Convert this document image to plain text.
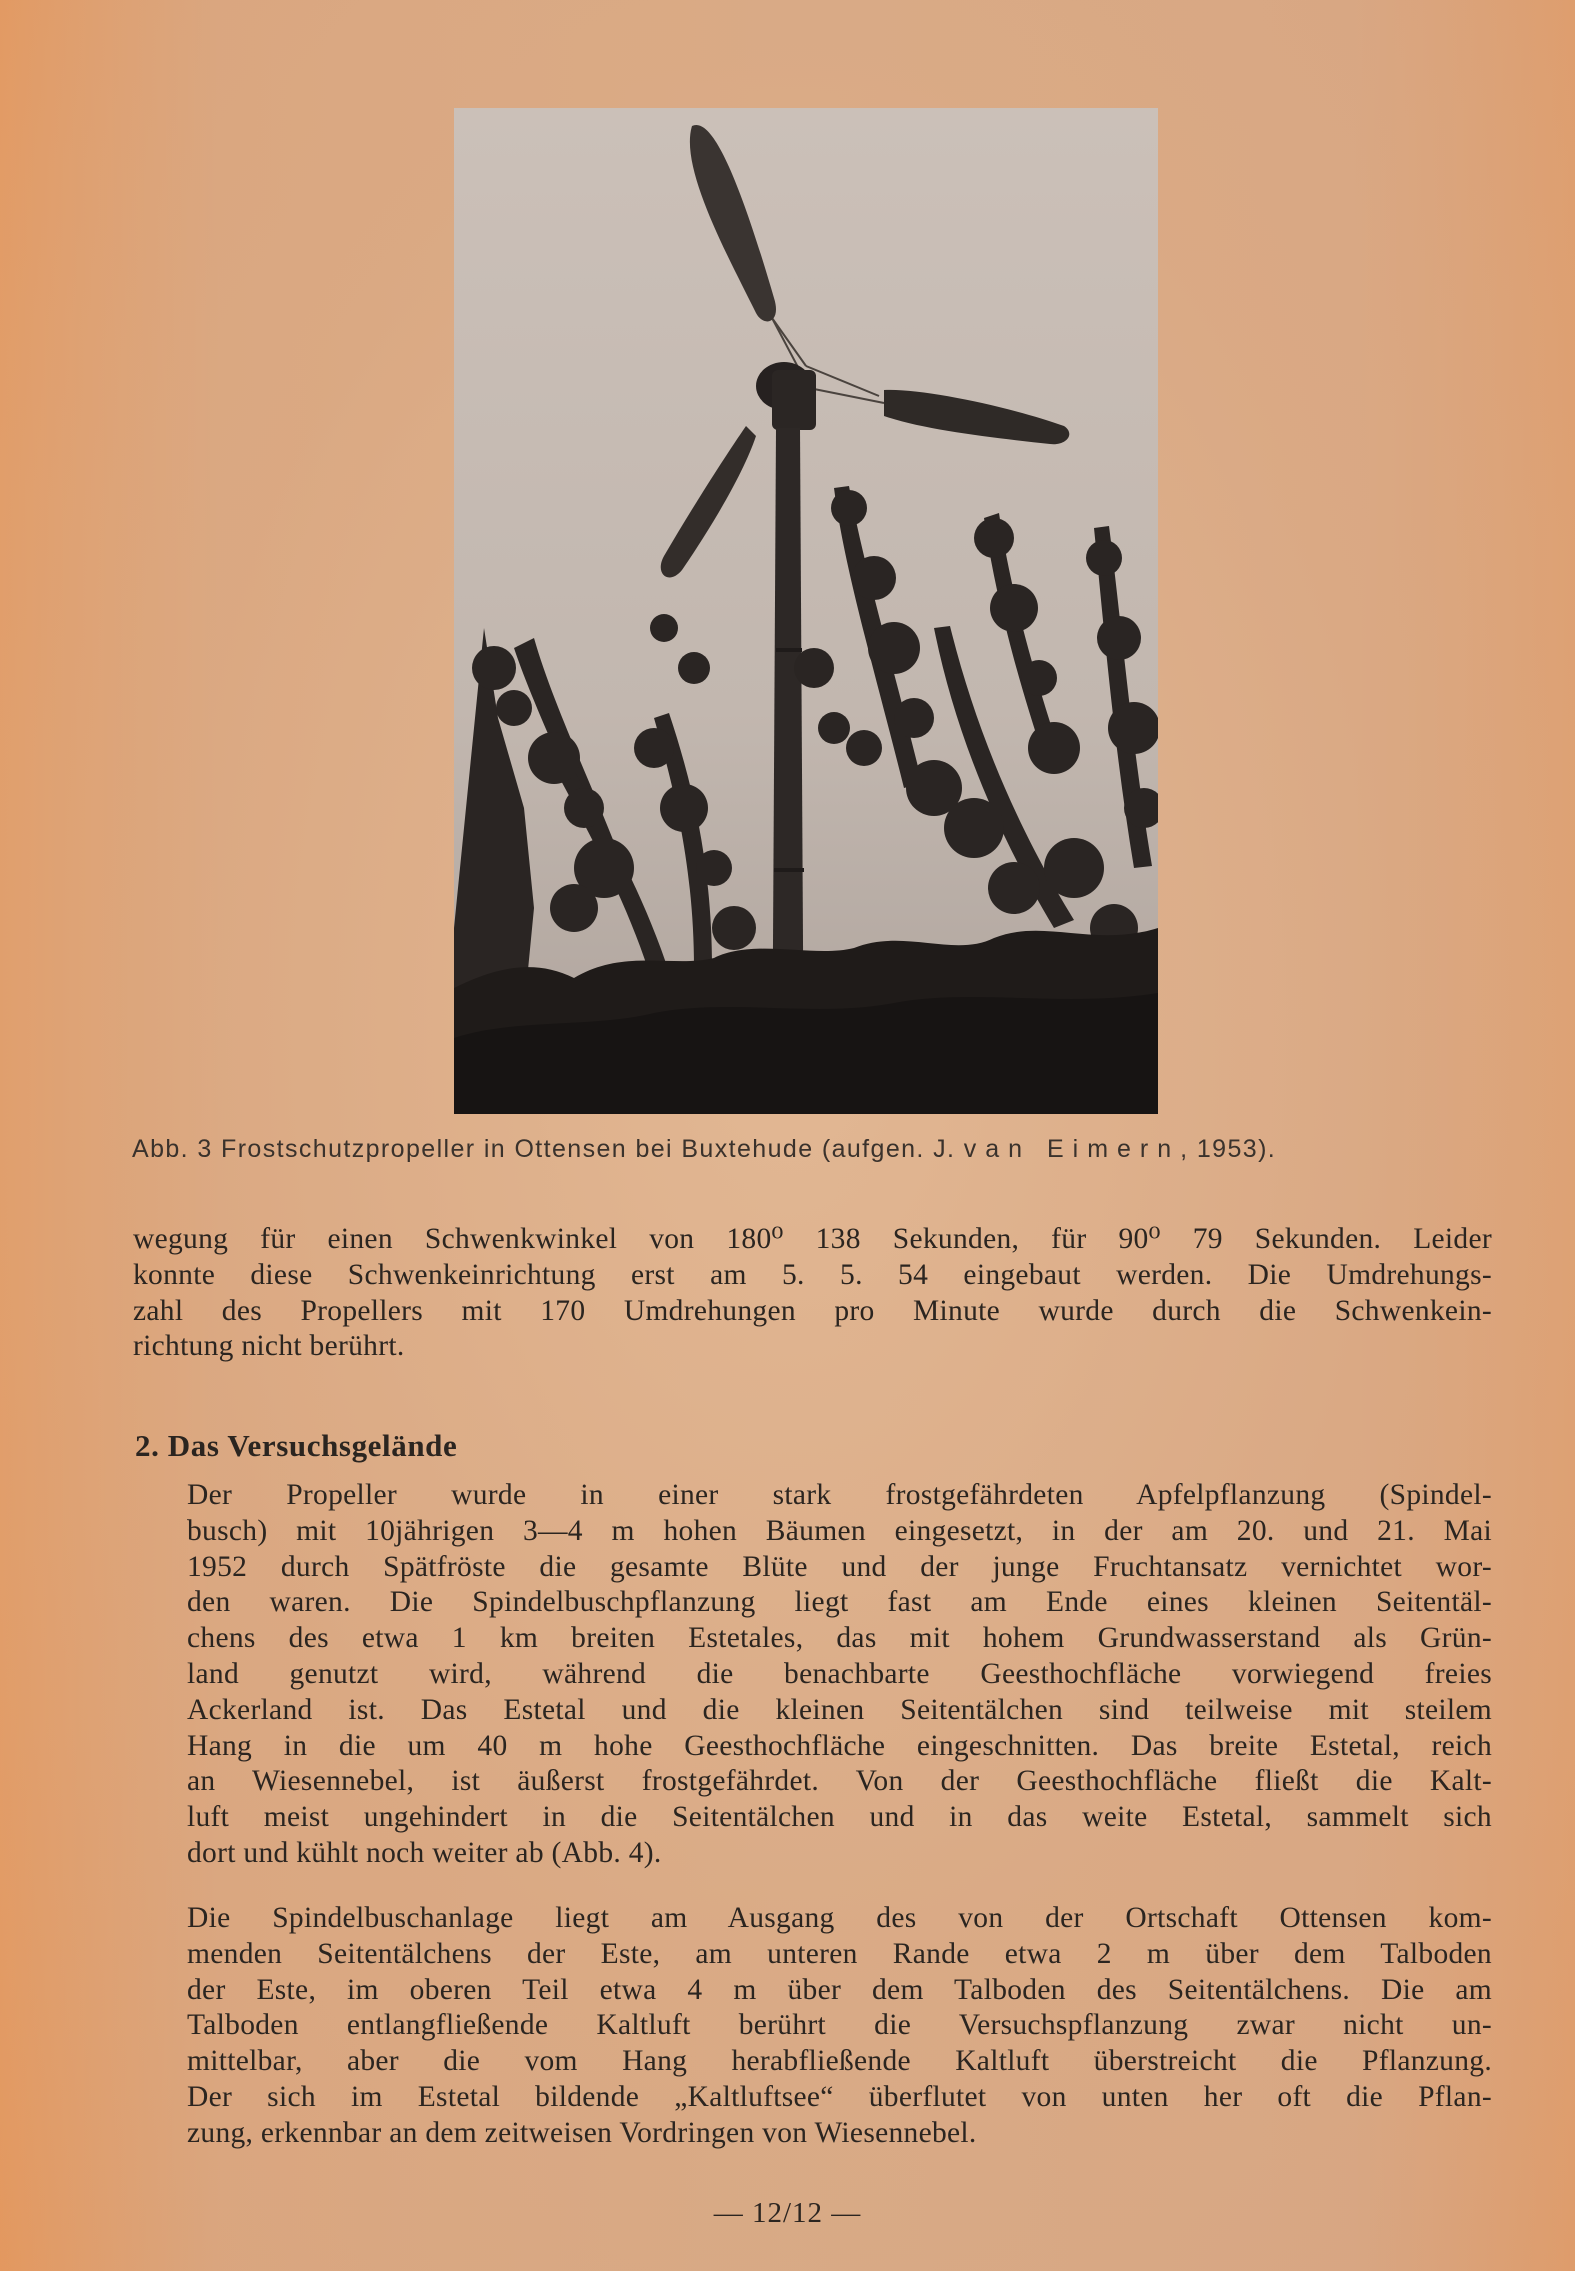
Abb. 3 Frostschutzpropeller in Ottensen bei Buxtehude (aufgen. J. van Eimern, 1953).
wegung für einen Schwenkwinkel von 180⁰ 138 Sekunden, für 90⁰ 79 Sekunden. Leider
konnte diese Schwenkeinrichtung erst am 5. 5. 54 eingebaut werden. Die Umdrehungs-
zahl des Propellers mit 170 Umdrehungen pro Minute wurde durch die Schwenkein-
richtung nicht berührt.
2. Das Versuchsgelände
Der Propeller wurde in einer stark frostgefährdeten Apfelpflanzung (Spindel-
busch) mit 10jährigen 3—4 m hohen Bäumen eingesetzt, in der am 20. und 21. Mai
1952 durch Spätfröste die gesamte Blüte und der junge Fruchtansatz vernichtet wor-
den waren. Die Spindelbuschpflanzung liegt fast am Ende eines kleinen Seitentäl-
chens des etwa 1 km breiten Estetales, das mit hohem Grundwasserstand als Grün-
land genutzt wird, während die benachbarte Geesthochfläche vorwiegend freies
Ackerland ist. Das Estetal und die kleinen Seitentälchen sind teilweise mit steilem
Hang in die um 40 m hohe Geesthochfläche eingeschnitten. Das breite Estetal, reich
an Wiesennebel, ist äußerst frostgefährdet. Von der Geesthochfläche fließt die Kalt-
luft meist ungehindert in die Seitentälchen und in das weite Estetal, sammelt sich
dort und kühlt noch weiter ab (Abb. 4).
Die Spindelbuschanlage liegt am Ausgang des von der Ortschaft Ottensen kom-
menden Seitentälchens der Este, am unteren Rande etwa 2 m über dem Talboden
der Este, im oberen Teil etwa 4 m über dem Talboden des Seitentälchens. Die am
Talboden entlangfließende Kaltluft berührt die Versuchspflanzung zwar nicht un-
mittelbar, aber die vom Hang herabfließende Kaltluft überstreicht die Pflanzung.
Der sich im Estetal bildende „Kaltluftsee“ überflutet von unten her oft die Pflan-
zung, erkennbar an dem zeitweisen Vordringen von Wiesennebel.
— 12/12 —
